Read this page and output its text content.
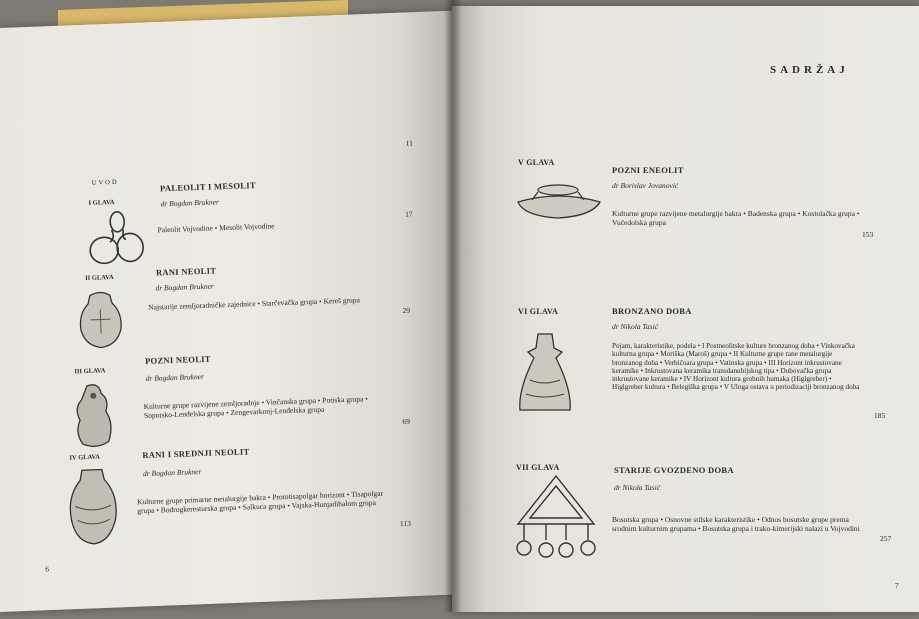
11
UVOD
I GLAVA
PALEOLIT I MESOLIT
dr Bogdan Brukner
Paleolit Vojvodine • Mesolit Vojvodine
17
II GLAVA
RANI NEOLIT
dr Bogdan Brukner
Najstarije zemljoradničke zajednice • Starčevačka grupa • Kereš grupa	29
III GLAVA
POZNI NEOLIT
dr Bogdan Brukner
Kulturne grupe razvijene zemljoradnje • Vinčanska grupa • Potiska grupa • Sopotsko-Lenđelska grupa • Zengevarkonj-Lenđelska grupa
69
IV GLAVA	RANI I SREDNJI NEOLIT
dr Bogdan Brukner
Kulturne grupe primarne metalurgije bakra • Prototisapolgar horizont • Tisapolgar grupa • Bodrogkeresturska grupa • Salkuca grupa • Vajska-Hunjadihalom grupa
113
6
SADRŽAJ
V GLAVA
POZNI ENEOLIT
dr Borislav Jovanović
Kulturne grupe razvijene metalurgije bakra • Badenska grupa • Kostolačka grupa • Vučedolska grupa
153
VI GLAVA	BRONZANO DOBA
dr Nikola Tasić
Pojam, karakteristike, podela • I Postneolitske kulture bronzanog doba • Vinkovačka kulturna grupa • Moriška (Maroš) grupa • II Kulturne grupe rane metalurgije bronzanog doba • Verbičoara grupa • Vatinska grupa • III Horizont inkrustovane keramike • Inkrustovana keramika transdanubijskog tipa • Dubovačka grupa inkrustovane keramike • IV Horizont kultura grobnih humaka (Higlgreber) • Higlgreber kultura • Belegiška grupa • V Uloga ostava u periodizaciji bronzanog doba
185
VII GLAVA	STARIJE GVOZDENO DOBA
dr Nikola Tasić
Bosutska grupa • Osnovne stilske karakteristike • Odnos bosutske grupe prema srodnim kulturnim grupama • Bosutska grupa i trako-kimerijski nalazi u Vojvodini
257
7
